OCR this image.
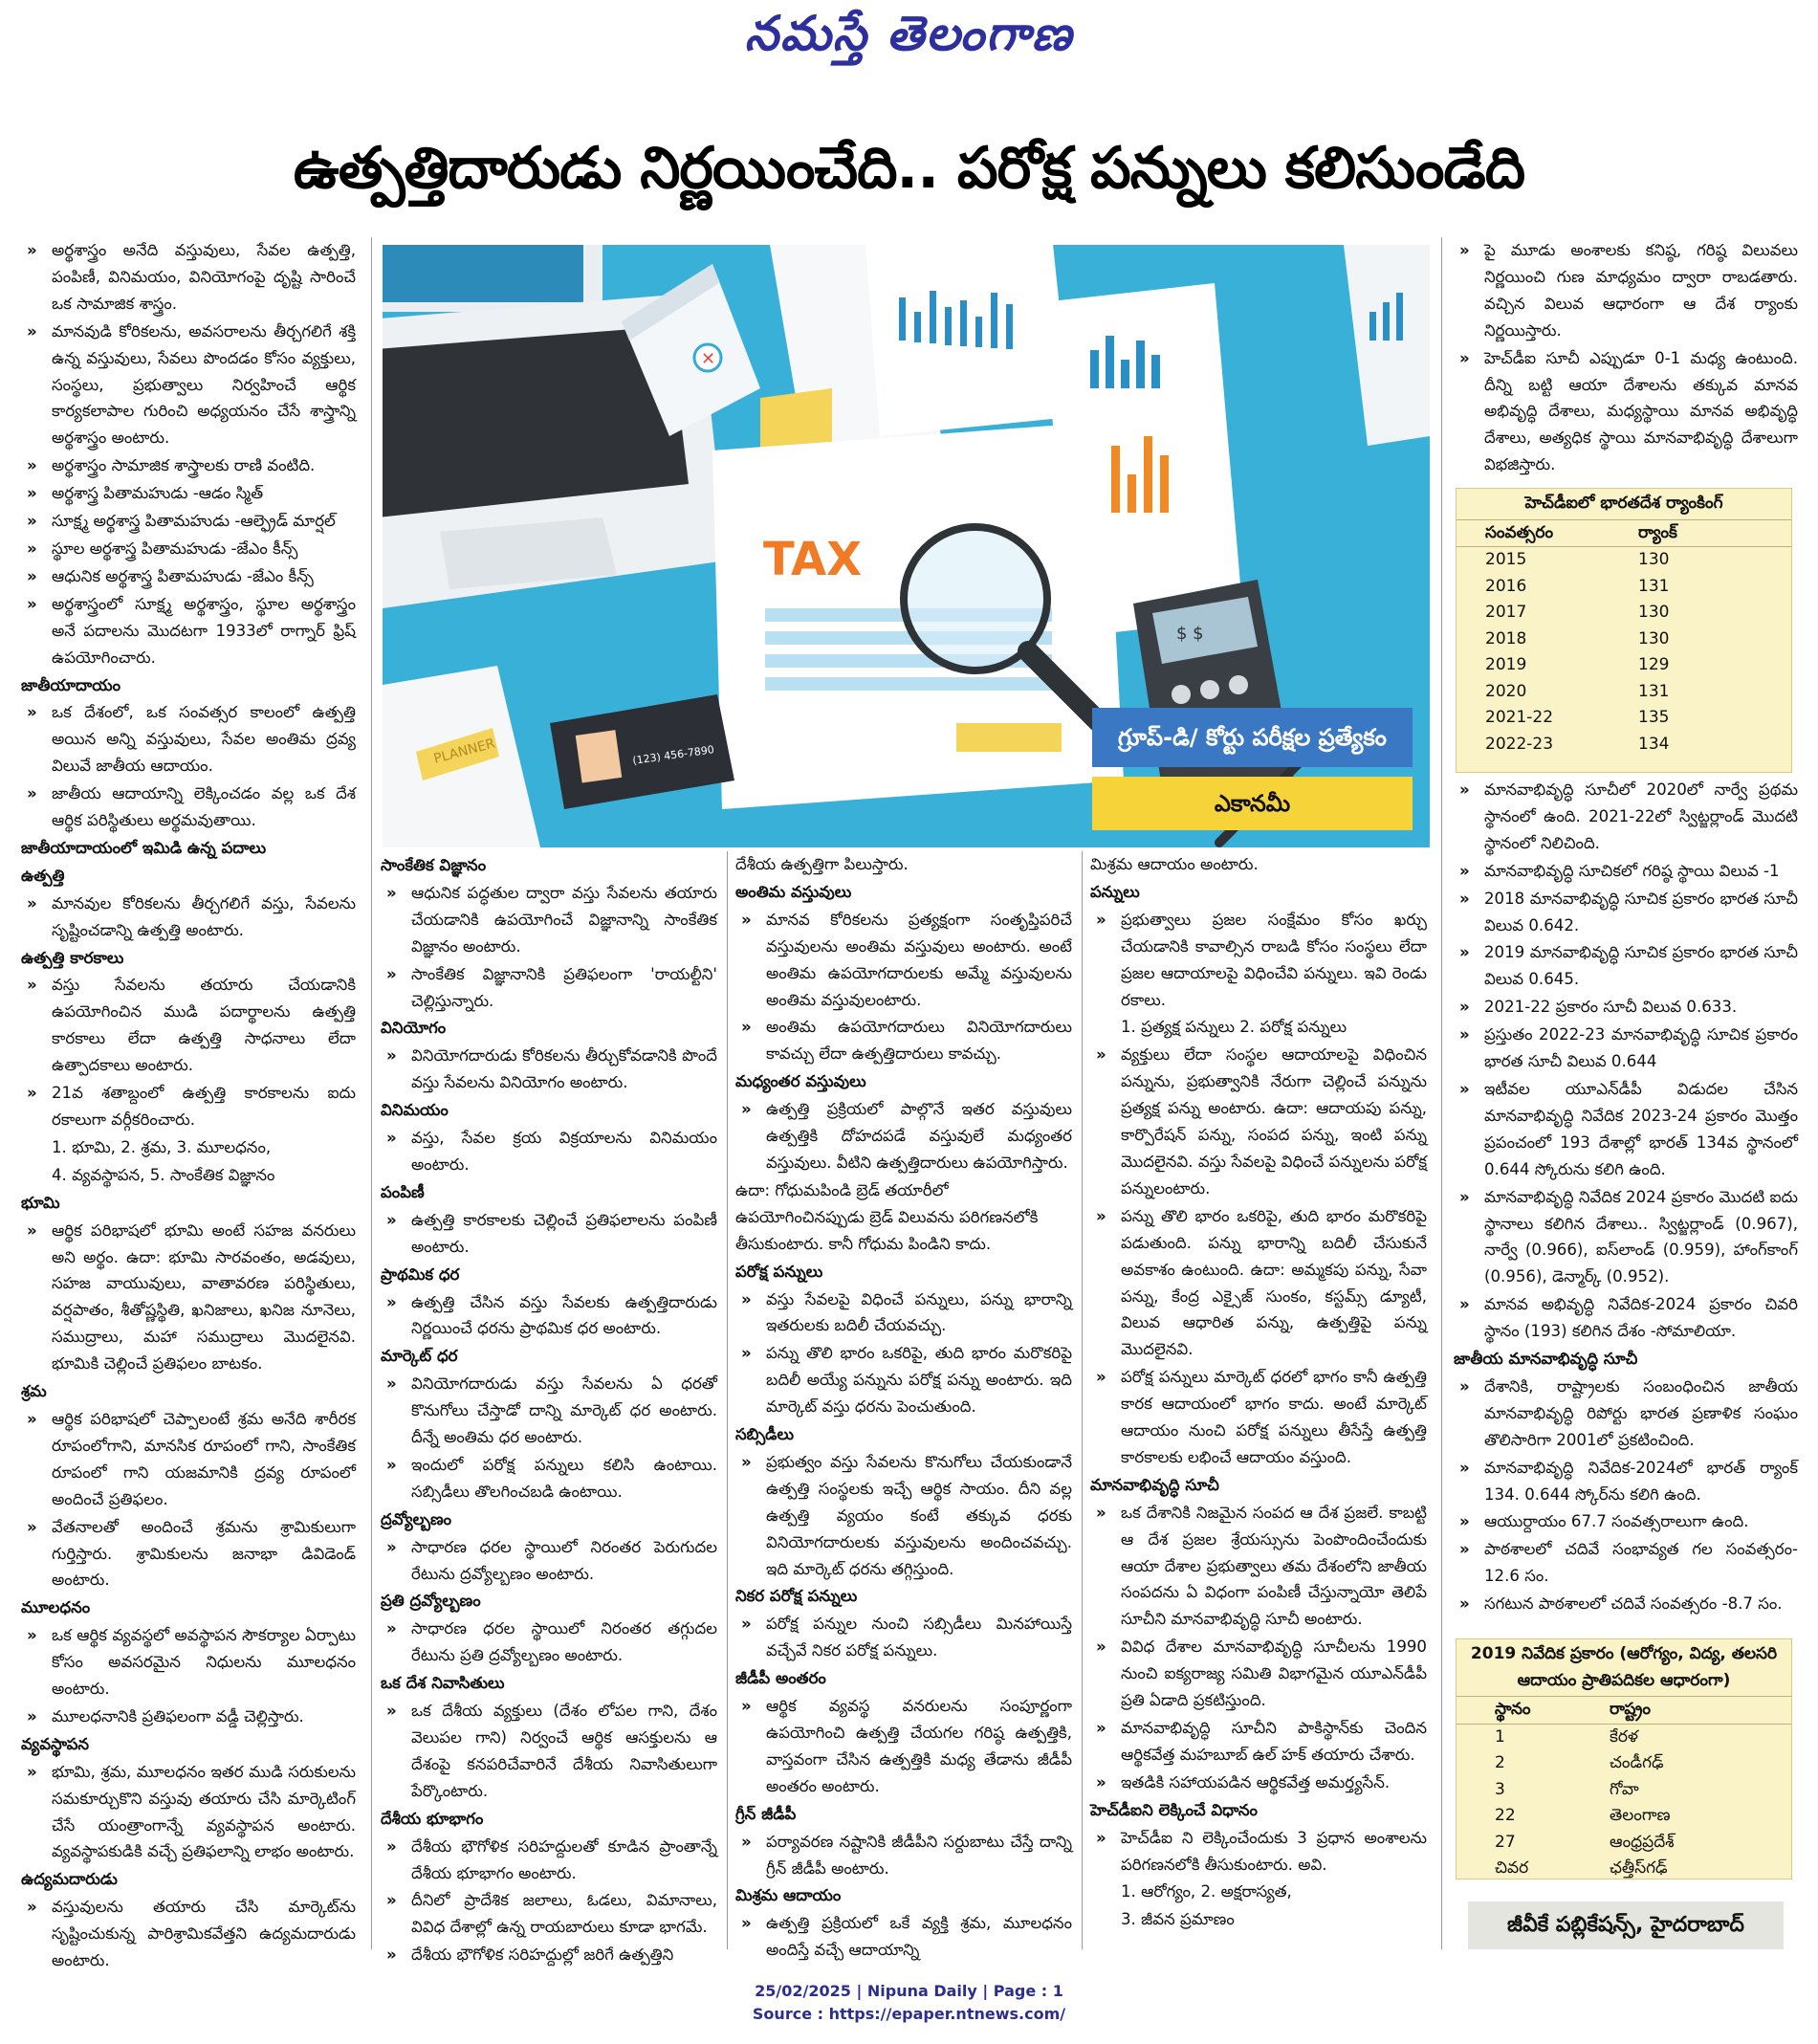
నమస్తే తెలంగాణ
ఉత్పత్తిదారుడు నిర్ణయించేది.. పరోక్ష పన్నులు కలిసుండేది

» అర్థశాస్త్రం అనేది వస్తువులు, సేవల ఉత్పత్తి, పంపిణీ, వినిమయం, వినియోగంపై దృష్టి సారించే ఒక సామాజిక శాస్త్రం.

» మానవుడి కోరికలను, అవసరాలను తీర్చగలిగే శక్తి ఉన్న వస్తువులు, సేవలు పొందడం కోసం వ్యక్తులు, సంస్థలు, ప్రభుత్వాలు నిర్వహించే ఆర్థిక కార్యకలాపాల గురించి అధ్యయనం చేసే శాస్త్రాన్ని అర్థశాస్త్రం అంటారు.

» అర్థశాస్త్రం సామాజిక శాస్త్రాలకు రాణి వంటిది.

» అర్థశాస్త్ర పితామహుడు -ఆడం స్మిత్

» సూక్ష్మ అర్థశాస్త్ర పితామహుడు -ఆల్ఫ్రెడ్ మార్షల్

» స్థూల అర్థశాస్త్ర పితామహుడు -జేఎం కీన్స్

» ఆధునిక అర్థశాస్త్ర పితామహుడు -జేఎం కీన్స్

» అర్థశాస్త్రంలో సూక్ష్మ అర్థశాస్త్రం, స్థూల అర్థశాస్త్రం అనే పదాలను మొదటగా 1933లో రాగ్నార్ ఫ్రిష్ ఉపయోగించారు.

జాతీయాదాయం

» ఒక దేశంలో, ఒక సంవత్సర కాలంలో ఉత్పత్తి అయిన అన్ని వస్తువులు, సేవల అంతిమ ద్రవ్య విలువే జాతీయ ఆదాయం.

» జాతీయ ఆదాయాన్ని లెక్కించడం వల్ల ఒక దేశ ఆర్థిక పరిస్థితులు అర్థమవుతాయి.

జాతీయాదాయంలో ఇమిడి ఉన్న పదాలు

ఉత్పత్తి

» మానవుల కోరికలను తీర్చగలిగే వస్తు, సేవలను సృష్టించడాన్ని ఉత్పత్తి అంటారు.

ఉత్పత్తి కారకాలు

» వస్తు సేవలను తయారు చేయడానికి ఉపయోగించిన ముడి పదార్థాలను ఉత్పత్తి కారకాలు లేదా ఉత్పత్తి సాధనాలు లేదా ఉత్పాదకాలు అంటారు.

» 21వ శతాబ్దంలో ఉత్పత్తి కారకాలను ఐదు రకాలుగా వర్గీకరించారు.

1. భూమి, 2. శ్రమ, 3. మూలధనం,

4. వ్యవస్థాపన, 5. సాంకేతిక విజ్ఞానం

భూమి

» ఆర్థిక పరిభాషలో భూమి అంటే సహజ వనరులు అని అర్థం. ఉదా: భూమి సారవంతం, అడవులు, సహజ వాయువులు, వాతావరణ పరిస్థితులు, వర్షపాతం, శీతోష్ణస్థితి, ఖనిజాలు, ఖనిజ నూనెలు, సముద్రాలు, మహా సముద్రాలు మొదలైనవి. భూమికి చెల్లించే ప్రతిఫలం బాటకం.

శ్రమ

» ఆర్థిక పరిభాషలో చెప్పాలంటే శ్రమ అనేది శారీరక రూపంలోగాని, మానసిక రూపంలో గాని, సాంకేతిక రూపంలో గాని యజమానికి ద్రవ్య రూపంలో అందించే ప్రతిఫలం.

» వేతనాలతో అందించే శ్రమను శ్రామికులుగా గుర్తిస్తారు. శ్రామికులను జనాభా డివిడెండ్ అంటారు.

మూలధనం

» ఒక ఆర్థిక వ్యవస్థలో అవస్థాపన సౌకర్యాల ఏర్పాటు కోసం అవసరమైన నిధులను మూలధనం అంటారు.

» మూలధనానికి ప్రతిఫలంగా వడ్డీ చెల్లిస్తారు.

వ్యవస్థాపన

» భూమి, శ్రమ, మూలధనం ఇతర ముడి సరుకులను సమకూర్చుకొని వస్తువు తయారు చేసి మార్కెటింగ్ చేసే యంత్రాంగాన్నే వ్యవస్థాపన అంటారు. వ్యవస్థాపకుడికి వచ్చే ప్రతిఫలాన్ని లాభం అంటారు.

ఉద్యమదారుడు

» వస్తువులను తయారు చేసి మార్కెట్‌ను సృష్టించుకున్న పారిశ్రామికవేత్తని ఉద్యమదారుడు అంటారు.

✕
TAX
$ $
PLANNER	(123) 456-7890
గ్రూప్-డి/ కోర్టు పరీక్షల ప్రత్యేకం
ఎకానమీ

సాంకేతిక విజ్ఞానం

» ఆధునిక పద్ధతుల ద్వారా వస్తు సేవలను తయారు చేయడానికి ఉపయోగించే విజ్ఞానాన్ని సాంకేతిక విజ్ఞానం అంటారు.

» సాంకేతిక విజ్ఞానానికి ప్రతిఫలంగా 'రాయల్టీని' చెల్లిస్తున్నారు.

వినియోగం

» వినియోగదారుడు కోరికలను తీర్చుకోవడానికి పొందే వస్తు సేవలను వినియోగం అంటారు.

వినిమయం

» వస్తు, సేవల క్రయ విక్రయాలను వినిమయం అంటారు.

పంపిణీ

» ఉత్పత్తి కారకాలకు చెల్లించే ప్రతిఫలాలను పంపిణీ అంటారు.

ప్రాథమిక ధర

» ఉత్పత్తి చేసిన వస్తు సేవలకు ఉత్పత్తిదారుడు నిర్ణయించే ధరను ప్రాథమిక ధర అంటారు.

మార్కెట్ ధర

» వినియోగదారుడు వస్తు సేవలను ఏ ధరతో కొనుగోలు చేస్తాడో దాన్ని మార్కెట్ ధర అంటారు. దీన్నే అంతిమ ధర అంటారు.

» ఇందులో పరోక్ష పన్నులు కలిసి ఉంటాయి. సబ్సిడీలు తొలగించబడి ఉంటాయి.

ద్రవ్యోల్బణం

» సాధారణ ధరల స్థాయిలో నిరంతర పెరుగుదల రేటును ద్రవ్యోల్బణం అంటారు.

ప్రతి ద్రవ్యోల్బణం

» సాధారణ ధరల స్థాయిలో నిరంతర తగ్గుదల రేటును ప్రతి ద్రవ్యోల్బణం అంటారు.

ఒక దేశ నివాసితులు

» ఒక దేశీయ వ్యక్తులు (దేశం లోపల గాని, దేశం వెలుపల గాని) నిర్వంచే ఆర్థిక ఆసక్తులను ఆ దేశంపై కనపరిచేవారినే దేశీయ నివాసితులుగా పేర్కొంటారు.

దేశీయ భూభాగం

» దేశీయ భౌగోళిక సరిహద్దులతో కూడిన ప్రాంతాన్నే దేశీయ భూభాగం అంటారు.

» దీనిలో ప్రాదేశిక జలాలు, ఓడలు, విమానాలు, వివిధ దేశాల్లో ఉన్న రాయబారులు కూడా భాగమే.

» దేశీయ భౌగోళిక సరిహద్దుల్లో జరిగే ఉత్పత్తిని

దేశీయ ఉత్పత్తిగా పిలుస్తారు.

అంతిమ వస్తువులు

» మానవ కోరికలను ప్రత్యక్షంగా సంతృప్తిపరిచే వస్తువులను అంతిమ వస్తువులు అంటారు. అంటే అంతిమ ఉపయోగదారులకు అమ్మే వస్తువులను అంతిమ వస్తువులంటారు.

» అంతిమ ఉపయోగదారులు వినియోగదారులు కావచ్చు లేదా ఉత్పత్తిదారులు కావచ్చు.

మధ్యంతర వస్తువులు

» ఉత్పత్తి ప్రక్రియలో పాల్గొనే ఇతర వస్తువులు ఉత్పత్తికి దోహదపడే వస్తువులే మధ్యంతర వస్తువులు. వీటిని ఉత్పత్తిదారులు ఉపయోగిస్తారు.

ఉదా: గోధుమపిండి బ్రెడ్ తయారీలో ఉపయోగించినప్పుడు బ్రెడ్ విలువను పరిగణనలోకి తీసుకుంటారు. కానీ గోధుమ పిండిని కాదు.

పరోక్ష పన్నులు

» వస్తు సేవలపై విధించే పన్నులు, పన్ను భారాన్ని ఇతరులకు బదిలీ చేయవచ్చు.

» పన్ను తొలి భారం ఒకరిపై, తుది భారం మరొకరిపై బదిలీ అయ్యే పన్నును పరోక్ష పన్ను అంటారు. ఇది మార్కెట్ వస్తు ధరను పెంచుతుంది.

సబ్సిడీలు

» ప్రభుత్వం వస్తు సేవలను కొనుగోలు చేయకుండానే ఉత్పత్తి సంస్థలకు ఇచ్చే ఆర్థిక సాయం. దీని వల్ల ఉత్పత్తి వ్యయం కంటే తక్కువ ధరకు వినియోగదారులకు వస్తువులను అందించవచ్చు. ఇది మార్కెట్ ధరను తగ్గిస్తుంది.

నికర పరోక్ష పన్నులు

» పరోక్ష పన్నుల నుంచి సబ్సిడీలు మినహాయిస్తే వచ్చేవే నికర పరోక్ష పన్నులు.

జీడీపీ అంతరం

» ఆర్థిక వ్యవస్థ వనరులను సంపూర్ణంగా ఉపయోగించి ఉత్పత్తి చేయగల గరిష్ఠ ఉత్పత్తికి, వాస్తవంగా చేసిన ఉత్పత్తికి మధ్య తేడాను జీడీపీ అంతరం అంటారు.

గ్రీన్ జీడీపీ

» పర్యావరణ నష్టానికి జీడీపీని సర్దుబాటు చేస్తే దాన్ని గ్రీన్ జీడీపీ అంటారు.

మిశ్రమ ఆదాయం

» ఉత్పత్తి ప్రక్రియలో ఒకే వ్యక్తి శ్రమ, మూలధనం అందిస్తే వచ్చే ఆదాయాన్ని

మిశ్రమ ఆదాయం అంటారు.

పన్నులు

» ప్రభుత్వాలు ప్రజల సంక్షేమం కోసం ఖర్చు చేయడానికి కావాల్సిన రాబడి కోసం సంస్థలు లేదా ప్రజల ఆదాయాలపై విధించేవి పన్నులు. ఇవి రెండు రకాలు.

1. ప్రత్యక్ష పన్నులు 2. పరోక్ష పన్నులు

» వ్యక్తులు లేదా సంస్థల ఆదాయాలపై విధించిన పన్నును, ప్రభుత్వానికి నేరుగా చెల్లించే పన్నును ప్రత్యక్ష పన్ను అంటారు. ఉదా: ఆదాయపు పన్ను, కార్పొరేషన్ పన్ను, సంపద పన్ను, ఇంటి పన్ను మొదలైనవి. వస్తు సేవలపై విధించే పన్నులను పరోక్ష పన్నులంటారు.

» పన్ను తొలి భారం ఒకరిపై, తుది భారం మరొకరిపై పడుతుంది. పన్ను భారాన్ని బదిలీ చేసుకునే అవకాశం ఉంటుంది. ఉదా: అమ్మకపు పన్ను, సేవా పన్ను, కేంద్ర ఎక్సైజ్ సుంకం, కస్టమ్స్ డ్యూటీ, విలువ ఆధారిత పన్ను, ఉత్పత్తిపై పన్ను మొదలైనవి.

» పరోక్ష పన్నులు మార్కెట్ ధరలో భాగం కానీ ఉత్పత్తి కారక ఆదాయంలో భాగం కాదు. అంటే మార్కెట్ ఆదాయం నుంచి పరోక్ష పన్నులు తీసేస్తే ఉత్పత్తి కారకాలకు లభించే ఆదాయం వస్తుంది.

మానవాభివృద్ధి సూచీ

» ఒక దేశానికి నిజమైన సంపద ఆ దేశ ప్రజలే. కాబట్టి ఆ దేశ ప్రజల శ్రేయస్సును పెంపొందించేందుకు ఆయా దేశాల ప్రభుత్వాలు తమ దేశంలోని జాతీయ సంపదను ఏ విధంగా పంపిణీ చేస్తున్నాయో తెలిపే సూచీని మానవాభివృద్ధి సూచీ అంటారు.

» వివిధ దేశాల మానవాభివృద్ధి సూచీలను 1990 నుంచి ఐక్యరాజ్య సమితి విభాగమైన యూఎన్‌డీపీ ప్రతి ఏడాది ప్రకటిస్తుంది.

» మానవాభివృద్ధి సూచీని పాకిస్థాన్‌కు చెందిన ఆర్థికవేత్త మహబూబ్ ఉల్ హక్ తయారు చేశారు.

» ఇతడికి సహాయపడిన ఆర్థికవేత్త అమర్త్యసేన్.

హెచ్‌డీఐని లెక్కించే విధానం

» హెచ్‌డీఐ ని లెక్కించేందుకు 3 ప్రధాన అంశాలను పరిగణనలోకి తీసుకుంటారు. అవి.

1. ఆరోగ్యం, 2. అక్షరాస్యత,

3. జీవన ప్రమాణం

» పై మూడు అంశాలకు కనిష్ఠ, గరిష్ఠ విలువలు నిర్ణయించి గుణ మాధ్యమం ద్వారా రాబడతారు. వచ్చిన విలువ ఆధారంగా ఆ దేశ ర్యాంకు నిర్ణయిస్తారు.

» హెచ్‌డీఐ సూచీ ఎప్పుడూ 0-1 మధ్య ఉంటుంది. దీన్ని బట్టి ఆయా దేశాలను తక్కువ మానవ అభివృద్ధి దేశాలు, మధ్యస్థాయి మానవ అభివృద్ధి దేశాలు, అత్యధిక స్థాయి మానవాభివృద్ధి దేశాలుగా విభజిస్తారు.

హెచ్‌డీఐలో భారతదేశ ర్యాంకింగ్
సంవత్సరం	ర్యాంక్
2015	130
2016	131
2017	130
2018	130
2019	129
2020	131
2021-22	135
2022-23	134

» మానవాభివృద్ధి సూచీలో 2020లో నార్వే ప్రథమ స్థానంలో ఉంది. 2021-22లో స్విట్జర్లాండ్ మొదటి స్థానంలో నిలిచింది.

» మానవాభివృద్ధి సూచికలో గరిష్ఠ స్థాయి విలువ -1

» 2018 మానవాభివృద్ధి సూచిక ప్రకారం భారత సూచీ విలువ 0.642.

» 2019 మానవాభివృద్ధి సూచిక ప్రకారం భారత సూచీ విలువ 0.645.

» 2021-22 ప్రకారం సూచీ విలువ 0.633.

» ప్రస్తుతం 2022-23 మానవాభివృద్ధి సూచిక ప్రకారం భారత సూచీ విలువ 0.644

» ఇటీవల యూఎన్‌డీపీ విడుదల చేసిన మానవాభివృద్ధి నివేదిక 2023-24 ప్రకారం మొత్తం ప్రపంచంలో 193 దేశాల్లో భారత్ 134వ స్థానంలో 0.644 స్కోరును కలిగి ఉంది.

» మానవాభివృద్ధి నివేదిక 2024 ప్రకారం మొదటి ఐదు స్థానాలు కలిగిన దేశాలు.. స్విట్జర్లాండ్ (0.967), నార్వే (0.966), ఐస్‌లాండ్ (0.959), హాంగ్‌కాంగ్ (0.956), డెన్మార్క్ (0.952).

» మానవ అభివృద్ధి నివేదిక-2024 ప్రకారం చివరి స్థానం (193) కలిగిన దేశం -సోమాలియా.

జాతీయ మానవాభివృద్ధి సూచీ

» దేశానికి, రాష్ట్రాలకు సంబంధించిన జాతీయ మానవాభివృద్ధి రిపోర్టు భారత ప్రణాళిక సంఘం తొలిసారిగా 2001లో ప్రకటించింది.

» మానవాభివృద్ధి నివేదిక-2024లో భారత్ ర్యాంక్ 134. 0.644 స్కోర్‌ను కలిగి ఉంది.

» ఆయుర్దాయం 67.7 సంవత్సరాలుగా ఉంది.

» పాఠశాలలో చదివే సంభావ్యత గల సంవత్సరం- 12.6 సం.

» సగటున పాఠశాలలో చదివే సంవత్సరం -8.7 సం.

2019 నివేదిక ప్రకారం (ఆరోగ్యం, విద్య, తలసరి ఆదాయం ప్రాతిపదికల ఆధారంగా)
స్థానం	రాష్ట్రం
1	కేరళ
2	చండీగఢ్
3	గోవా
22	తెలంగాణ
27	ఆంధ్రప్రదేశ్
చివర	ఛత్తీస్‌గఢ్
జీవీకే పబ్లికేషన్స్, హైదరాబాద్
25/02/2025 | Nipuna Daily | Page : 1
Source : https://epaper.ntnews.com/
